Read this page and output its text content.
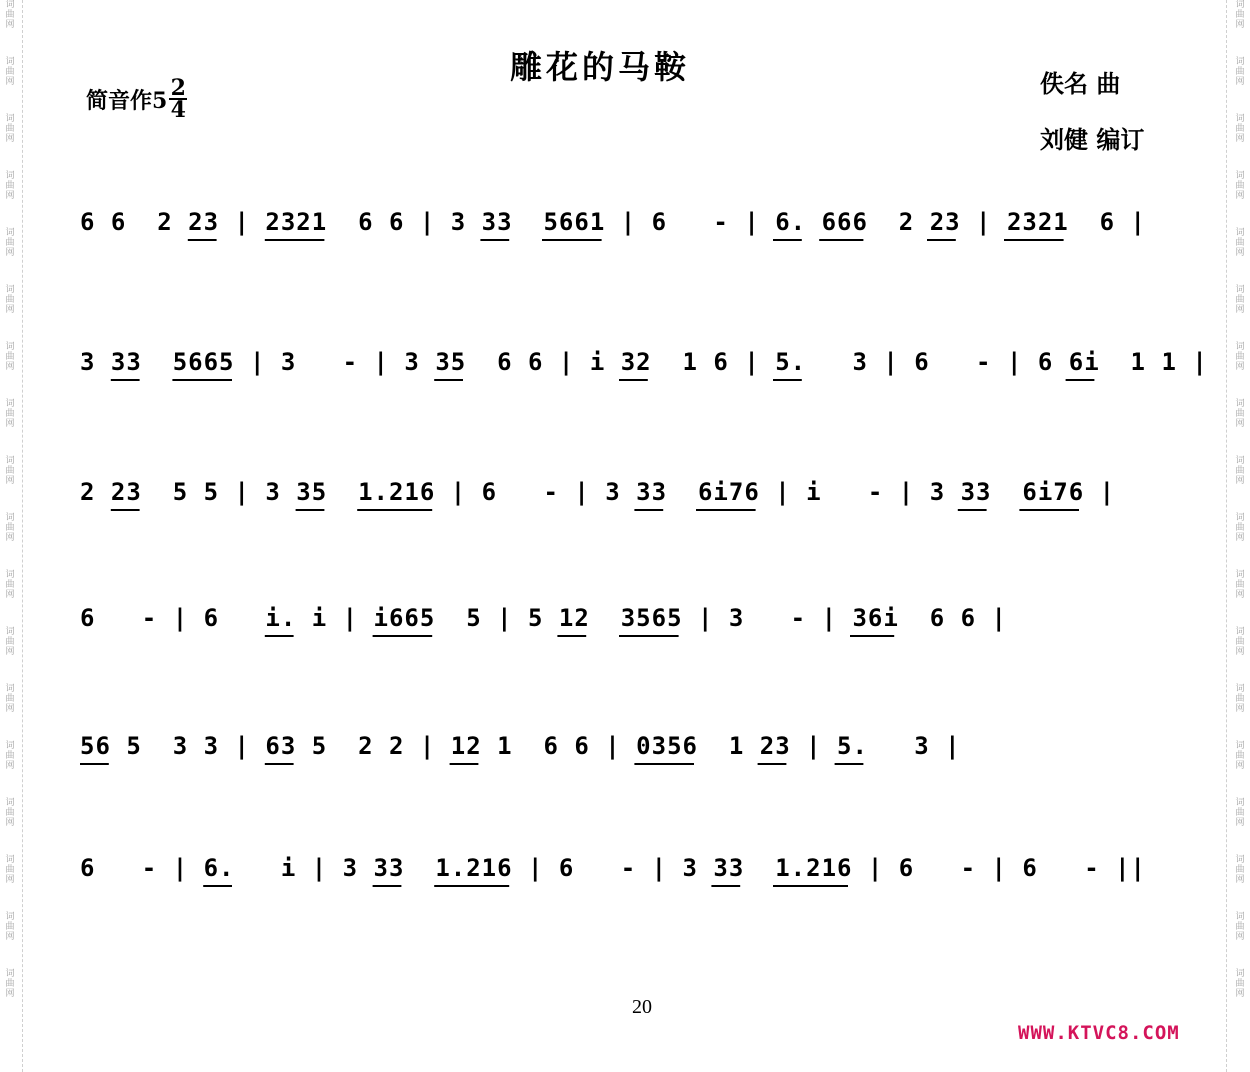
词
曲
网
词
曲
网
词
曲
网
词
曲
网
词
曲
网
词
曲
网
词
曲
网
词
曲
网
词
曲
网
词
曲
网
词
曲
网
词
曲
网
词
曲
网
词
曲
网
词
曲
网
词
曲
网
词
曲
网
词
曲
网
词
曲
网
词
曲
网
词
曲
网
词
曲
网
词
曲
网
词
曲
网
词
曲
网
词
曲
网
词
曲
网
词
曲
网
词
曲
网
词
曲
网
词
曲
网
词
曲
网
词
曲
网
词
曲
网
词
曲
网
词
曲
网
雕花的马鞍
简音作$5 \frac{2}{4}$	佚名 曲
刘健 编订
6 6  2 23 | 2321  6 6 | 3 33  5661 | 6   - | 6. 666  2 23 | 2321  6 |
3 33  5665 | 3   - | 3 35  6 6 | i 32  1 6 | 5.   3 | 6   - | 6 6i  1 1 |
2 23  5 5 | 3 35  1.216 | 6   - | 3 33  6i76 | i   - | 3 33  6i76 |
6   - | 6   i. i | i665  5 | 5 12  3565 | 3   - | 36i  6 6 |
56 5  3 3 | 63 5  2 2 | 12 1  6 6 | 0356  1 23 | 5.   3 |
6   - | 6.   i | 3 33  1.216 | 6   - | 3 33  1.216 | 6   - | 6   - ||
20
WWW.KTVC8.COM
